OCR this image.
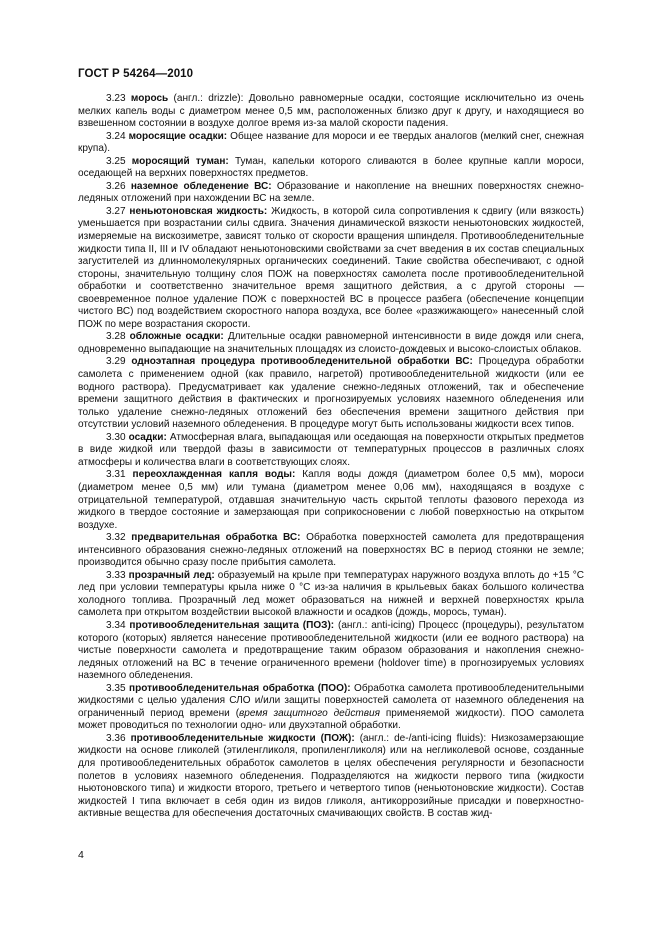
ГОСТ Р 54264—2010

3.23 морось (англ.: drizzle): Довольно равномерные осадки, состоящие исключительно из очень мелких капель воды с диаметром менее 0,5 мм, расположенных близко друг к другу, и находящиеся во взвешенном состоянии в воздухе долгое время из-за малой скорости падения.

3.24 моросящие осадки: Общее название для мороси и ее твердых аналогов (мелкий снег, снежная крупа).

3.25 моросящий туман: Туман, капельки которого сливаются в более крупные капли мороси, оседающей на верхних поверхностях предметов.

3.26 наземное обледенение ВС: Образование и накопление на внешних поверхностях снежно-ледяных отложений при нахождении ВС на земле.

3.27 неньютоновская жидкость: Жидкость, в которой сила сопротивления к сдвигу (или вязкость) уменьшается при возрастании силы сдвига. Значения динамической вязкости неньютоновских жидкостей, измеряемые на вискозиметре, зависят только от скорости вращения шпинделя. Противообледенительные жидкости типа II, III и IV обладают неньютоновскими свойствами за счет введения в их состав специальных загустителей из длинномолекулярных органических соединений. Такие свойства обеспечивают, с одной стороны, значительную толщину слоя ПОЖ на поверхностях самолета после противообледенительной обработки и соответственно значительное время защитного действия, а с другой стороны — своевременное полное удаление ПОЖ с поверхностей ВС в процессе разбега (обеспечение концепции чистого ВС) под воздействием скоростного напора воздуха, все более «разжижающего» нанесенный слой ПОЖ по мере возрастания скорости.

3.28 обложные осадки: Длительные осадки равномерной интенсивности в виде дождя или снега, одновременно выпадающие на значительных площадях из слоисто-дождевых и высоко-слоистых облаков.

3.29 одноэтапная процедура противообледенительной обработки ВС: Процедура обработки самолета с применением одной (как правило, нагретой) противообледенительной жидкости (или ее водного раствора). Предусматривает как удаление снежно-ледяных отложений, так и обеспечение времени защитного действия в фактических и прогнозируемых условиях наземного обледенения или только удаление снежно-ледяных отложений без обеспечения времени защитного действия при отсутствии условий наземного обледенения. В процедуре могут быть использованы жидкости всех типов.

3.30 осадки: Атмосферная влага, выпадающая или оседающая на поверхности открытых предметов в виде жидкой или твердой фазы в зависимости от температурных процессов в различных слоях атмосферы и количества влаги в соответствующих слоях.

3.31 переохлажденная капля воды: Капля воды дождя (диаметром более 0,5 мм), мороси (диаметром менее 0,5 мм) или тумана (диаметром менее 0,06 мм), находящаяся в воздухе с отрицательной температурой, отдавшая значительную часть скрытой теплоты фазового перехода из жидкого в твердое состояние и замерзающая при соприкосновении с любой поверхностью на открытом воздухе.

3.32 предварительная обработка ВС: Обработка поверхностей самолета для предотвращения интенсивного образования снежно-ледяных отложений на поверхностях ВС в период стоянки не земле; производится обычно сразу после прибытия самолета.

3.33 прозрачный лед: образуемый на крыле при температурах наружного воздуха вплоть до +15 °С лед при условии температуры крыла ниже 0 °С из-за наличия в крыльевых баках большого количества холодного топлива. Прозрачный лед может образоваться на нижней и верхней поверхностях крыла самолета при открытом воздействии высокой влажности и осадков (дождь, морось, туман).

3.34 противообледенительная защита (ПОЗ): (англ.: anti-icing) Процесс (процедуры), результатом которого (которых) является нанесение противообледенительной жидкости (или ее водного раствора) на чистые поверхности самолета и предотвращение таким образом образования и накопления снежно-ледяных отложений на ВС в течение ограниченного времени (holdover time) в прогнозируемых условиях наземного обледенения.

3.35 противообледенительная обработка (ПОО): Обработка самолета противообледенительными жидкостями с целью удаления СЛО и/или защиты поверхностей самолета от наземного обледенения на ограниченный период времени (время защитного действия применяемой жидкости). ПОО самолета может проводиться по технологии одно- или двухэтапной обработки.

3.36 противообледенительные жидкости (ПОЖ): (англ.: de-/anti-icing fluids): Низкозамерзающие жидкости на основе гликолей (этиленгликоля, пропиленгликоля) или на негликолевой основе, созданные для противообледенительных обработок самолетов в целях обеспечения регулярности и безопасности полетов в условиях наземного обледенения. Подразделяются на жидкости первого типа (жидкости ньютоновского типа) и жидкости второго, третьего и четвертого типов (неньютоновские жидкости). Состав жидкостей I типа включает в себя один из видов гликоля, антикоррозийные присадки и поверхностно-активные вещества для обеспечения достаточных смачивающих свойств. В состав жид-

4
